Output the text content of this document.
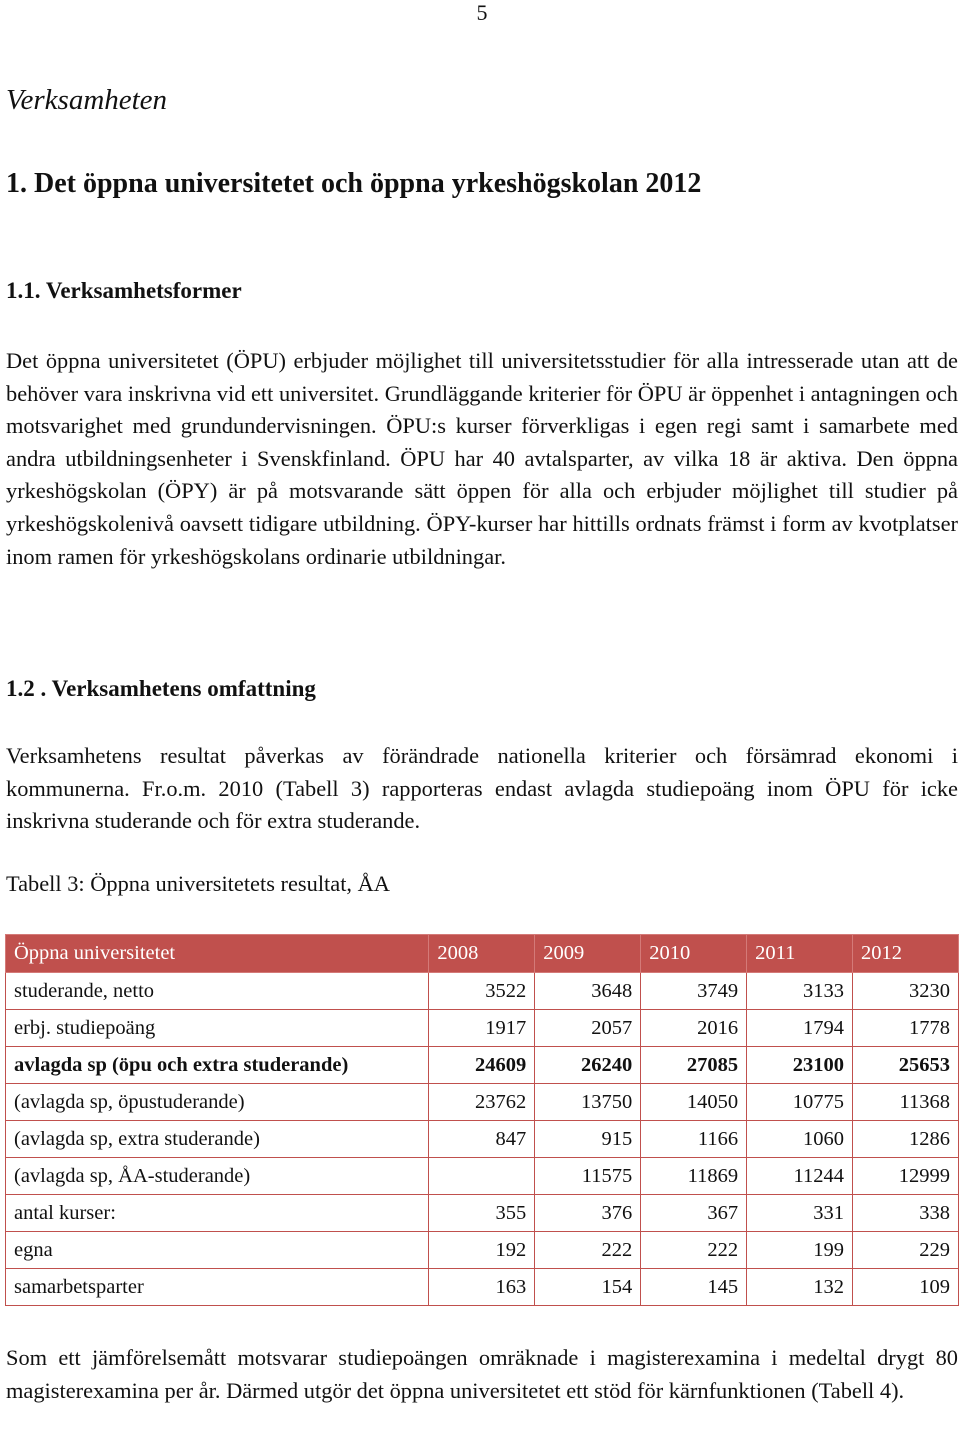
5
Verksamheten
1. Det öppna universitetet och öppna yrkeshögskolan 2012
1.1. Verksamhetsformer

Det öppna universitetet (ÖPU) erbjuder möjlighet till universitetsstudier för alla intresserade utan att de behöver vara inskrivna vid ett universitet. Grundläggande kriterier för ÖPU är öppenhet i antagningen och motsvarighet med grundundervisningen. ÖPU:s kurser förverkligas i egen regi samt i samarbete med andra utbildningsenheter i Svenskfinland. ÖPU har 40 avtalsparter, av vilka 18 är aktiva. Den öppna yrkeshögskolan (ÖPY) är på motsvarande sätt öppen för alla och erbjuder möjlighet till studier på yrkeshögskolenivå oavsett tidigare utbildning. ÖPY-kurser har hittills ordnats främst i form av kvotplatser inom ramen för yrkeshögskolans ordinarie utbildningar.

1.2 . Verksamhetens omfattning

Verksamhetens resultat påverkas av förändrade nationella kriterier och försämrad ekonomi i kommunerna. Fr.o.m. 2010 (Tabell 3) rapporteras endast avlagda studiepoäng inom ÖPU för icke inskrivna studerande och för extra studerande.

Tabell 3: Öppna universitetets resultat, ÅA

Öppna universitetet	2008	2009	2010	2011	2012
studerande, netto	3522	3648	3749	3133	3230
erbj. studiepoäng	1917	2057	2016	1794	1778
avlagda sp (öpu och extra studerande)	24609	26240	27085	23100	25653
(avlagda sp, öpustuderande)	23762	13750	14050	10775	11368
(avlagda sp, extra studerande)	847	915	1166	1060	1286
(avlagda sp, ÅA-studerande)		11575	11869	11244	12999
antal kurser:	355	376	367	331	338
egna	192	222	222	199	229
samarbetsparter	163	154	145	132	109

Som ett jämförelsemått motsvarar studiepoängen omräknade i magisterexamina i medeltal drygt 80 magisterexamina per år. Därmed utgör det öppna universitetet ett stöd för kärnfunktionen (Tabell 4).
